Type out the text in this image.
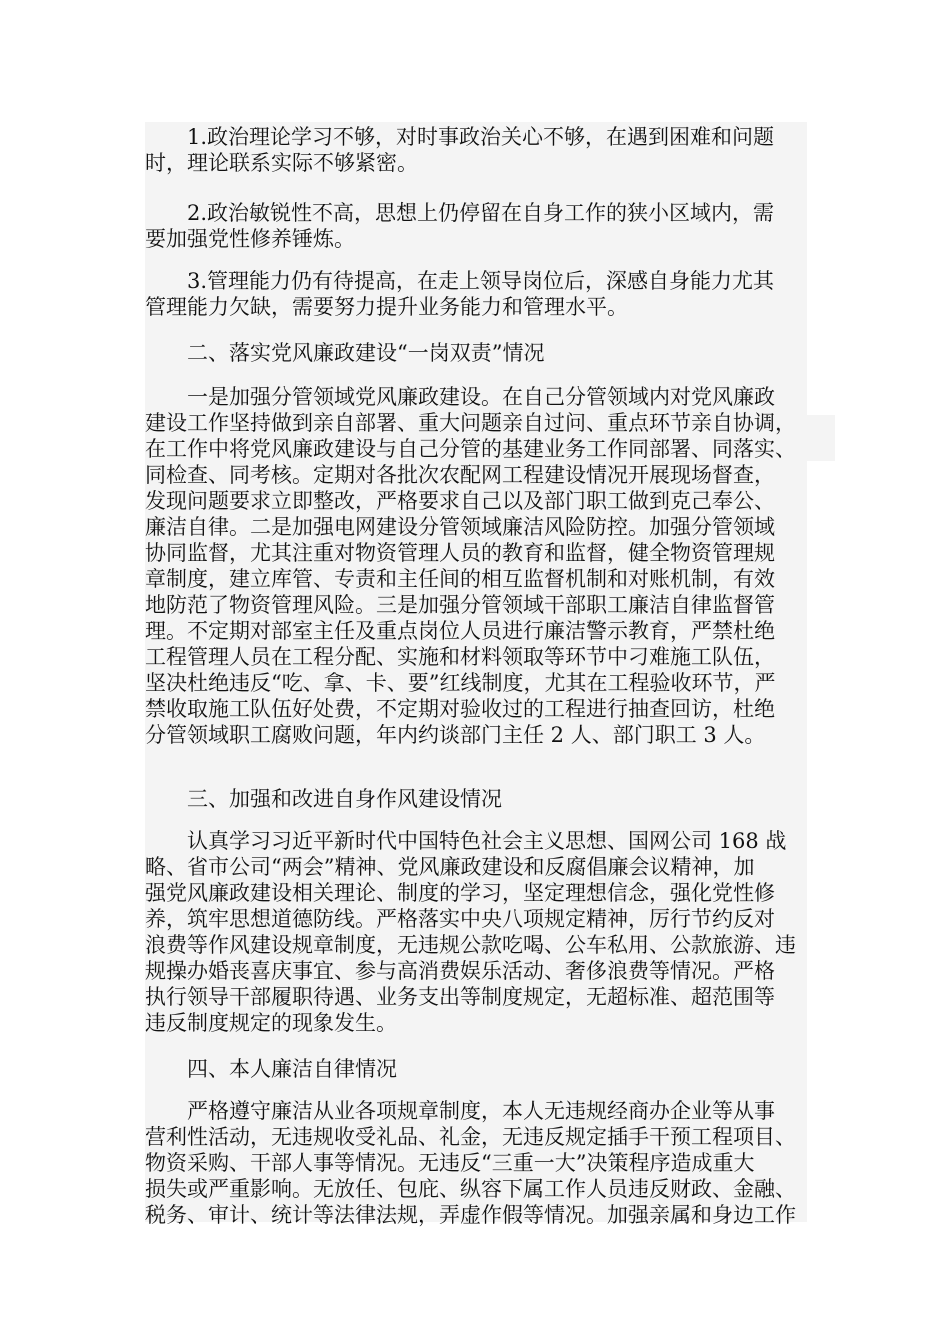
1.政治理论学习不够，对时事政治关心不够，在遇到困难和问题
时，理论联系实际不够紧密。
2.政治敏锐性不高，思想上仍停留在自身工作的狭小区域内，需
要加强党性修养锤炼。
3.管理能力仍有待提高，在走上领导岗位后，深感自身能力尤其
管理能力欠缺，需要努力提升业务能力和管理水平。
二、落实党风廉政建设“一岗双责”情况
一是加强分管领域党风廉政建设。在自己分管领域内对党风廉政
建设工作坚持做到亲自部署、重大问题亲自过问、重点环节亲自协调，
在工作中将党风廉政建设与自己分管的基建业务工作同部署、同落实、
同检查、同考核。定期对各批次农配网工程建设情况开展现场督查，
发现问题要求立即整改，严格要求自己以及部门职工做到克己奉公、
廉洁自律。二是加强电网建设分管领域廉洁风险防控。加强分管领域
协同监督，尤其注重对物资管理人员的教育和监督，健全物资管理规
章制度，建立库管、专责和主任间的相互监督机制和对账机制，有效
地防范了物资管理风险。三是加强分管领域干部职工廉洁自律监督管
理。不定期对部室主任及重点岗位人员进行廉洁警示教育，严禁杜绝
工程管理人员在工程分配、实施和材料领取等环节中刁难施工队伍，
坚决杜绝违反“吃、拿、卡、要”红线制度，尤其在工程验收环节，严
禁收取施工队伍好处费，不定期对验收过的工程进行抽查回访，杜绝
分管领域职工腐败问题，年内约谈部门主任 2 人、部门职工 3 人。
三、加强和改进自身作风建设情况
认真学习习近平新时代中国特色社会主义思想、国网公司 168 战
略、省市公司“两会”精神、党风廉政建设和反腐倡廉会议精神，加
强党风廉政建设相关理论、制度的学习，坚定理想信念，强化党性修
养，筑牢思想道德防线。严格落实中央八项规定精神，厉行节约反对
浪费等作风建设规章制度，无违规公款吃喝、公车私用、公款旅游、违
规操办婚丧喜庆事宜、参与高消费娱乐活动、奢侈浪费等情况。严格
执行领导干部履职待遇、业务支出等制度规定，无超标准、超范围等
违反制度规定的现象发生。
四、本人廉洁自律情况
严格遵守廉洁从业各项规章制度，本人无违规经商办企业等从事
营利性活动，无违规收受礼品、礼金，无违反规定插手干预工程项目、
物资采购、干部人事等情况。无违反“三重一大”决策程序造成重大
损失或严重影响。无放任、包庇、纵容下属工作人员违反财政、金融、
税务、审计、统计等法律法规，弄虚作假等情况。加强亲属和身边工作
